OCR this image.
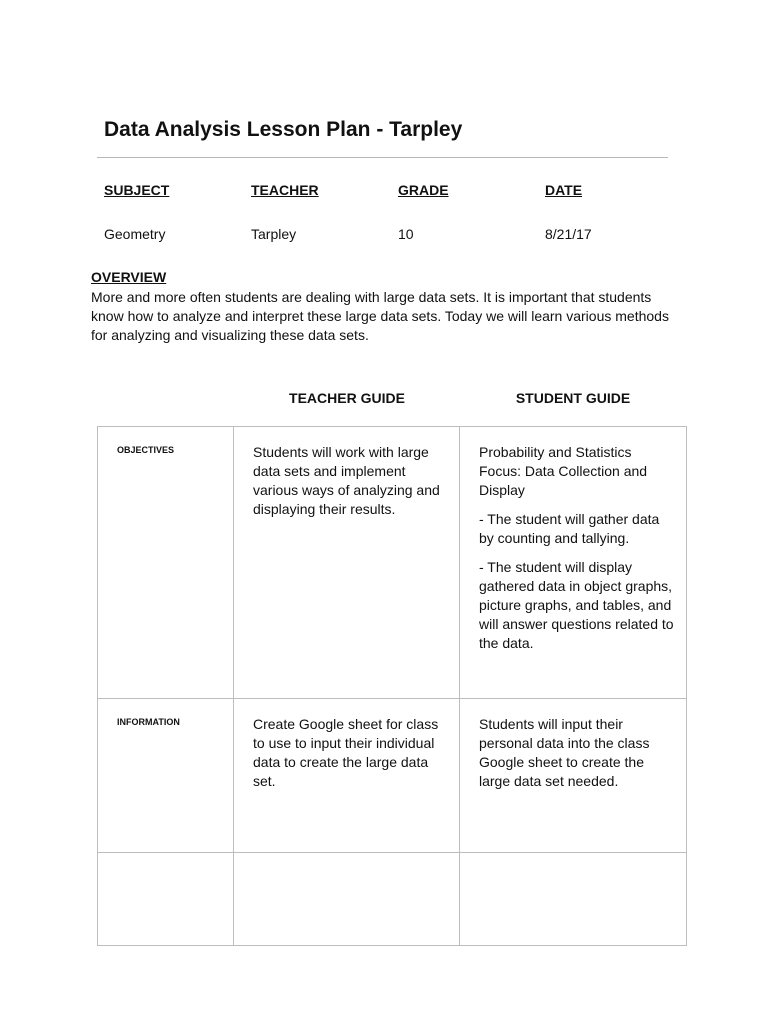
Data Analysis Lesson Plan - Tarpley
SUBJECT	TEACHER	GRADE	DATE
Geometry	Tarpley	10	8/21/17
OVERVIEW
More and more often students are dealing with large data sets. It is important that students know how to analyze and interpret these large data sets. Today we will learn various methods for analyzing and visualizing these data sets.
TEACHER GUIDE	STUDENT GUIDE
OBJECTIVES	Students will work with large data sets and implement various ways of analyzing and displaying their results.	Probability and Statistics Focus: Data Collection and Display

- The student will gather data by counting and tallying.

- The student will display gathered data in object graphs, picture graphs, and tables, and will answer questions related to the data.

INFORMATION	Create Google sheet for class to use to input their individual data to create the large data set.	Students will input their personal data into the class Google sheet to create the large data set needed.
